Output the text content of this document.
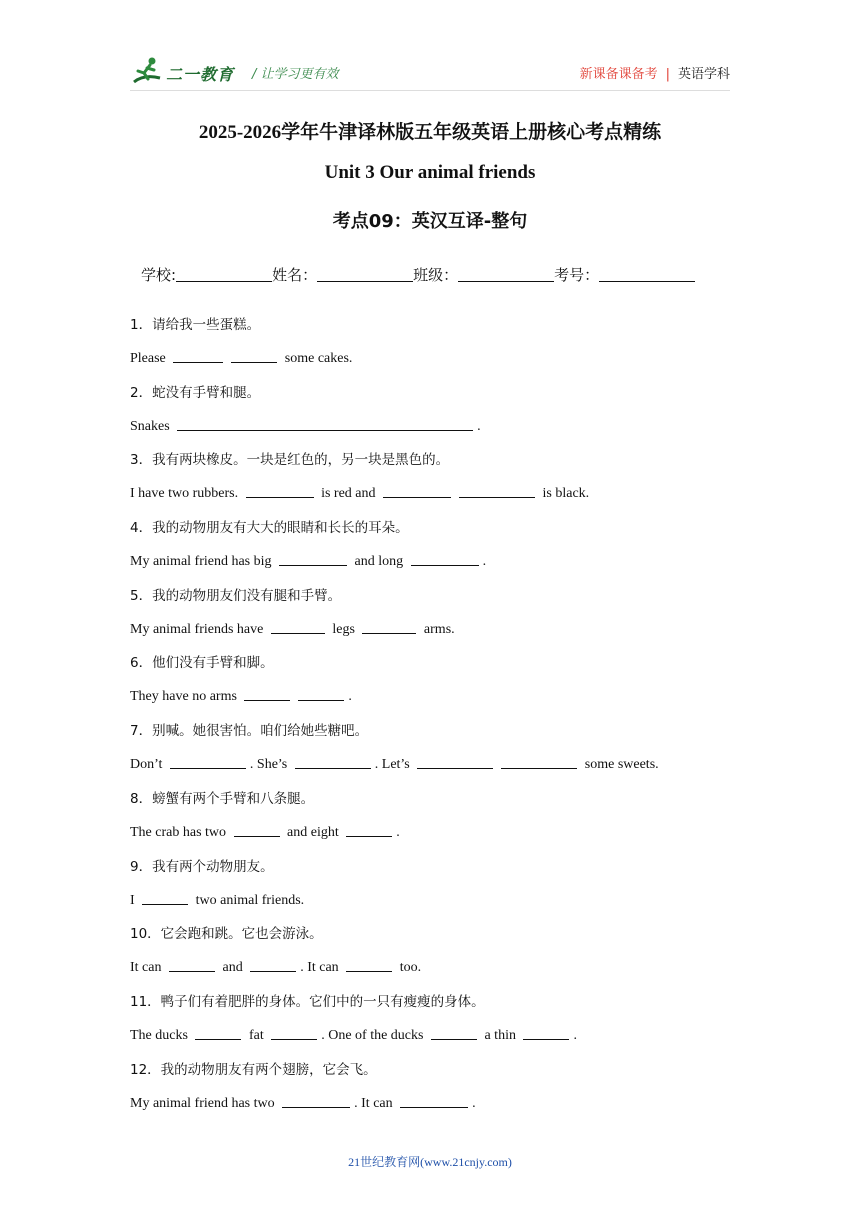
二一教育 / 让学习更有效	新课备课备考 | 英语学科
2025-2026学年牛津译林版五年级英语上册核心考点精练
Unit 3 Our animal friends
考点09：英汉互译-整句
学校:	姓名：	班级：	考号：
1．请给我一些蛋糕。
Please	some cakes.
2．蛇没有手臂和腿。
Snakes	.
3．我有两块橡皮。一块是红色的，另一块是黑色的。
I have two rubbers.	is red and	is black.
4．我的动物朋友有大大的眼睛和长长的耳朵。
My animal friend has big	and long	.
5．我的动物朋友们没有腿和手臂。
My animal friends have	legs	arms.
6．他们没有手臂和脚。
They have no arms	.
7．别喊。她很害怕。咱们给她些糖吧。
Don’t	. She’s	. Let’s	some sweets.
8．螃蟹有两个手臂和八条腿。
The crab has two	and eight	.
9．我有两个动物朋友。
I	two animal friends.
10．它会跑和跳。它也会游泳。
It can	and	. It can	too.
11．鸭子们有着肥胖的身体。它们中的一只有瘦瘦的身体。
The ducks	fat	. One of the ducks	a thin	.
12．我的动物朋友有两个翅膀，它会飞。
My animal friend has two	. It can	.
21世纪教育网(www.21cnjy.com)
